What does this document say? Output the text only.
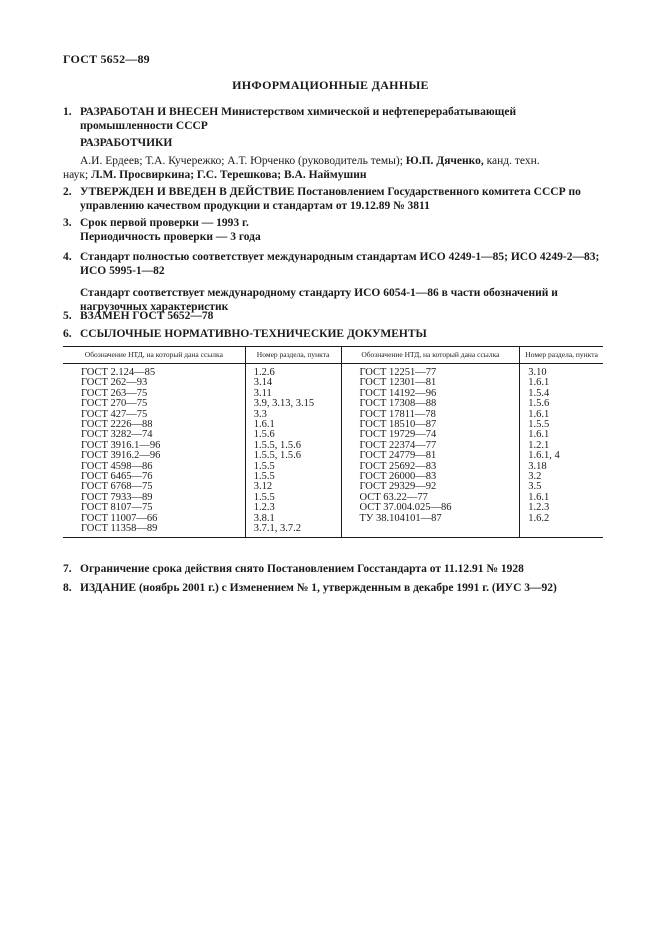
ГОСТ 5652—89
ИНФОРМАЦИОННЫЕ ДАННЫЕ
1. РАЗРАБОТАН И ВНЕСЕН Министерством химической и нефтеперерабатывающей промышленности СССР
РАЗРАБОТЧИКИ
А.И. Ердеев; Т.А. Кучережко; А.Т. Юрченко (руководитель темы); Ю.П. Дяченко, канд. техн.
наук; Л.М. Просвиркина; Г.С. Терешкова; В.А. Наймушин
2. УТВЕРЖДЕН И ВВЕДЕН В ДЕЙСТВИЕ Постановлением Государственного комитета СССР по управлению качеством продукции и стандартам от 19.12.89 № 3811
3. Срок первой проверки — 1993 г.
Периодичность проверки — 3 года
4. Стандарт полностью соответствует международным стандартам ИСО 4249-1—85; ИСО 4249-2—83; ИСО 5995-1—82
Стандарт соответствует международному стандарту ИСО 6054-1—86 в части обозначений и нагрузочных характеристик
5. ВЗАМЕН ГОСТ 5652—78
6. ССЫЛОЧНЫЕ НОРМАТИВНО-ТЕХНИЧЕСКИЕ ДОКУМЕНТЫ
Обозначение НТД, на который дана ссылка	Номер раздела, пункта	Обозначение НТД, на который дана ссылка	Номер раздела, пункта
ГОСТ 2.124—85	1.2.6	ГОСТ 12251—77	3.10
ГОСТ 262—93	3.14	ГОСТ 12301—81	1.6.1
ГОСТ 263—75	3.11	ГОСТ 14192—96	1.5.4
ГОСТ 270—75	3.9, 3.13, 3.15	ГОСТ 17308—88	1.5.6
ГОСТ 427—75	3.3	ГОСТ 17811—78	1.6.1
ГОСТ 2226—88	1.6.1	ГОСТ 18510—87	1.5.5
ГОСТ 3282—74	1.5.6	ГОСТ 19729—74	1.6.1
ГОСТ 3916.1—96	1.5.5, 1.5.6	ГОСТ 22374—77	1.2.1
ГОСТ 3916.2—96	1.5.5, 1.5.6	ГОСТ 24779—81	1.6.1, 4
ГОСТ 4598—86	1.5.5	ГОСТ 25692—83	3.18
ГОСТ 6465—76	1.5.5	ГОСТ 26000—83	3.2
ГОСТ 6768—75	3.12	ГОСТ 29329—92	3.5
ГОСТ 7933—89	1.5.5	ОСТ 63.22—77	1.6.1
ГОСТ 8107—75	1.2.3	ОСТ 37.004.025—86	1.2.3
ГОСТ 11007—66	3.8.1	ТУ 38.104101—87	1.6.2
ГОСТ 11358—89	3.7.1, 3.7.2		
7. Ограничение срока действия снято Постановлением Госстандарта от 11.12.91 № 1928
8. ИЗДАНИЕ (ноябрь 2001 г.) с Изменением № 1, утвержденным в декабре 1991 г. (ИУС 3—92)
